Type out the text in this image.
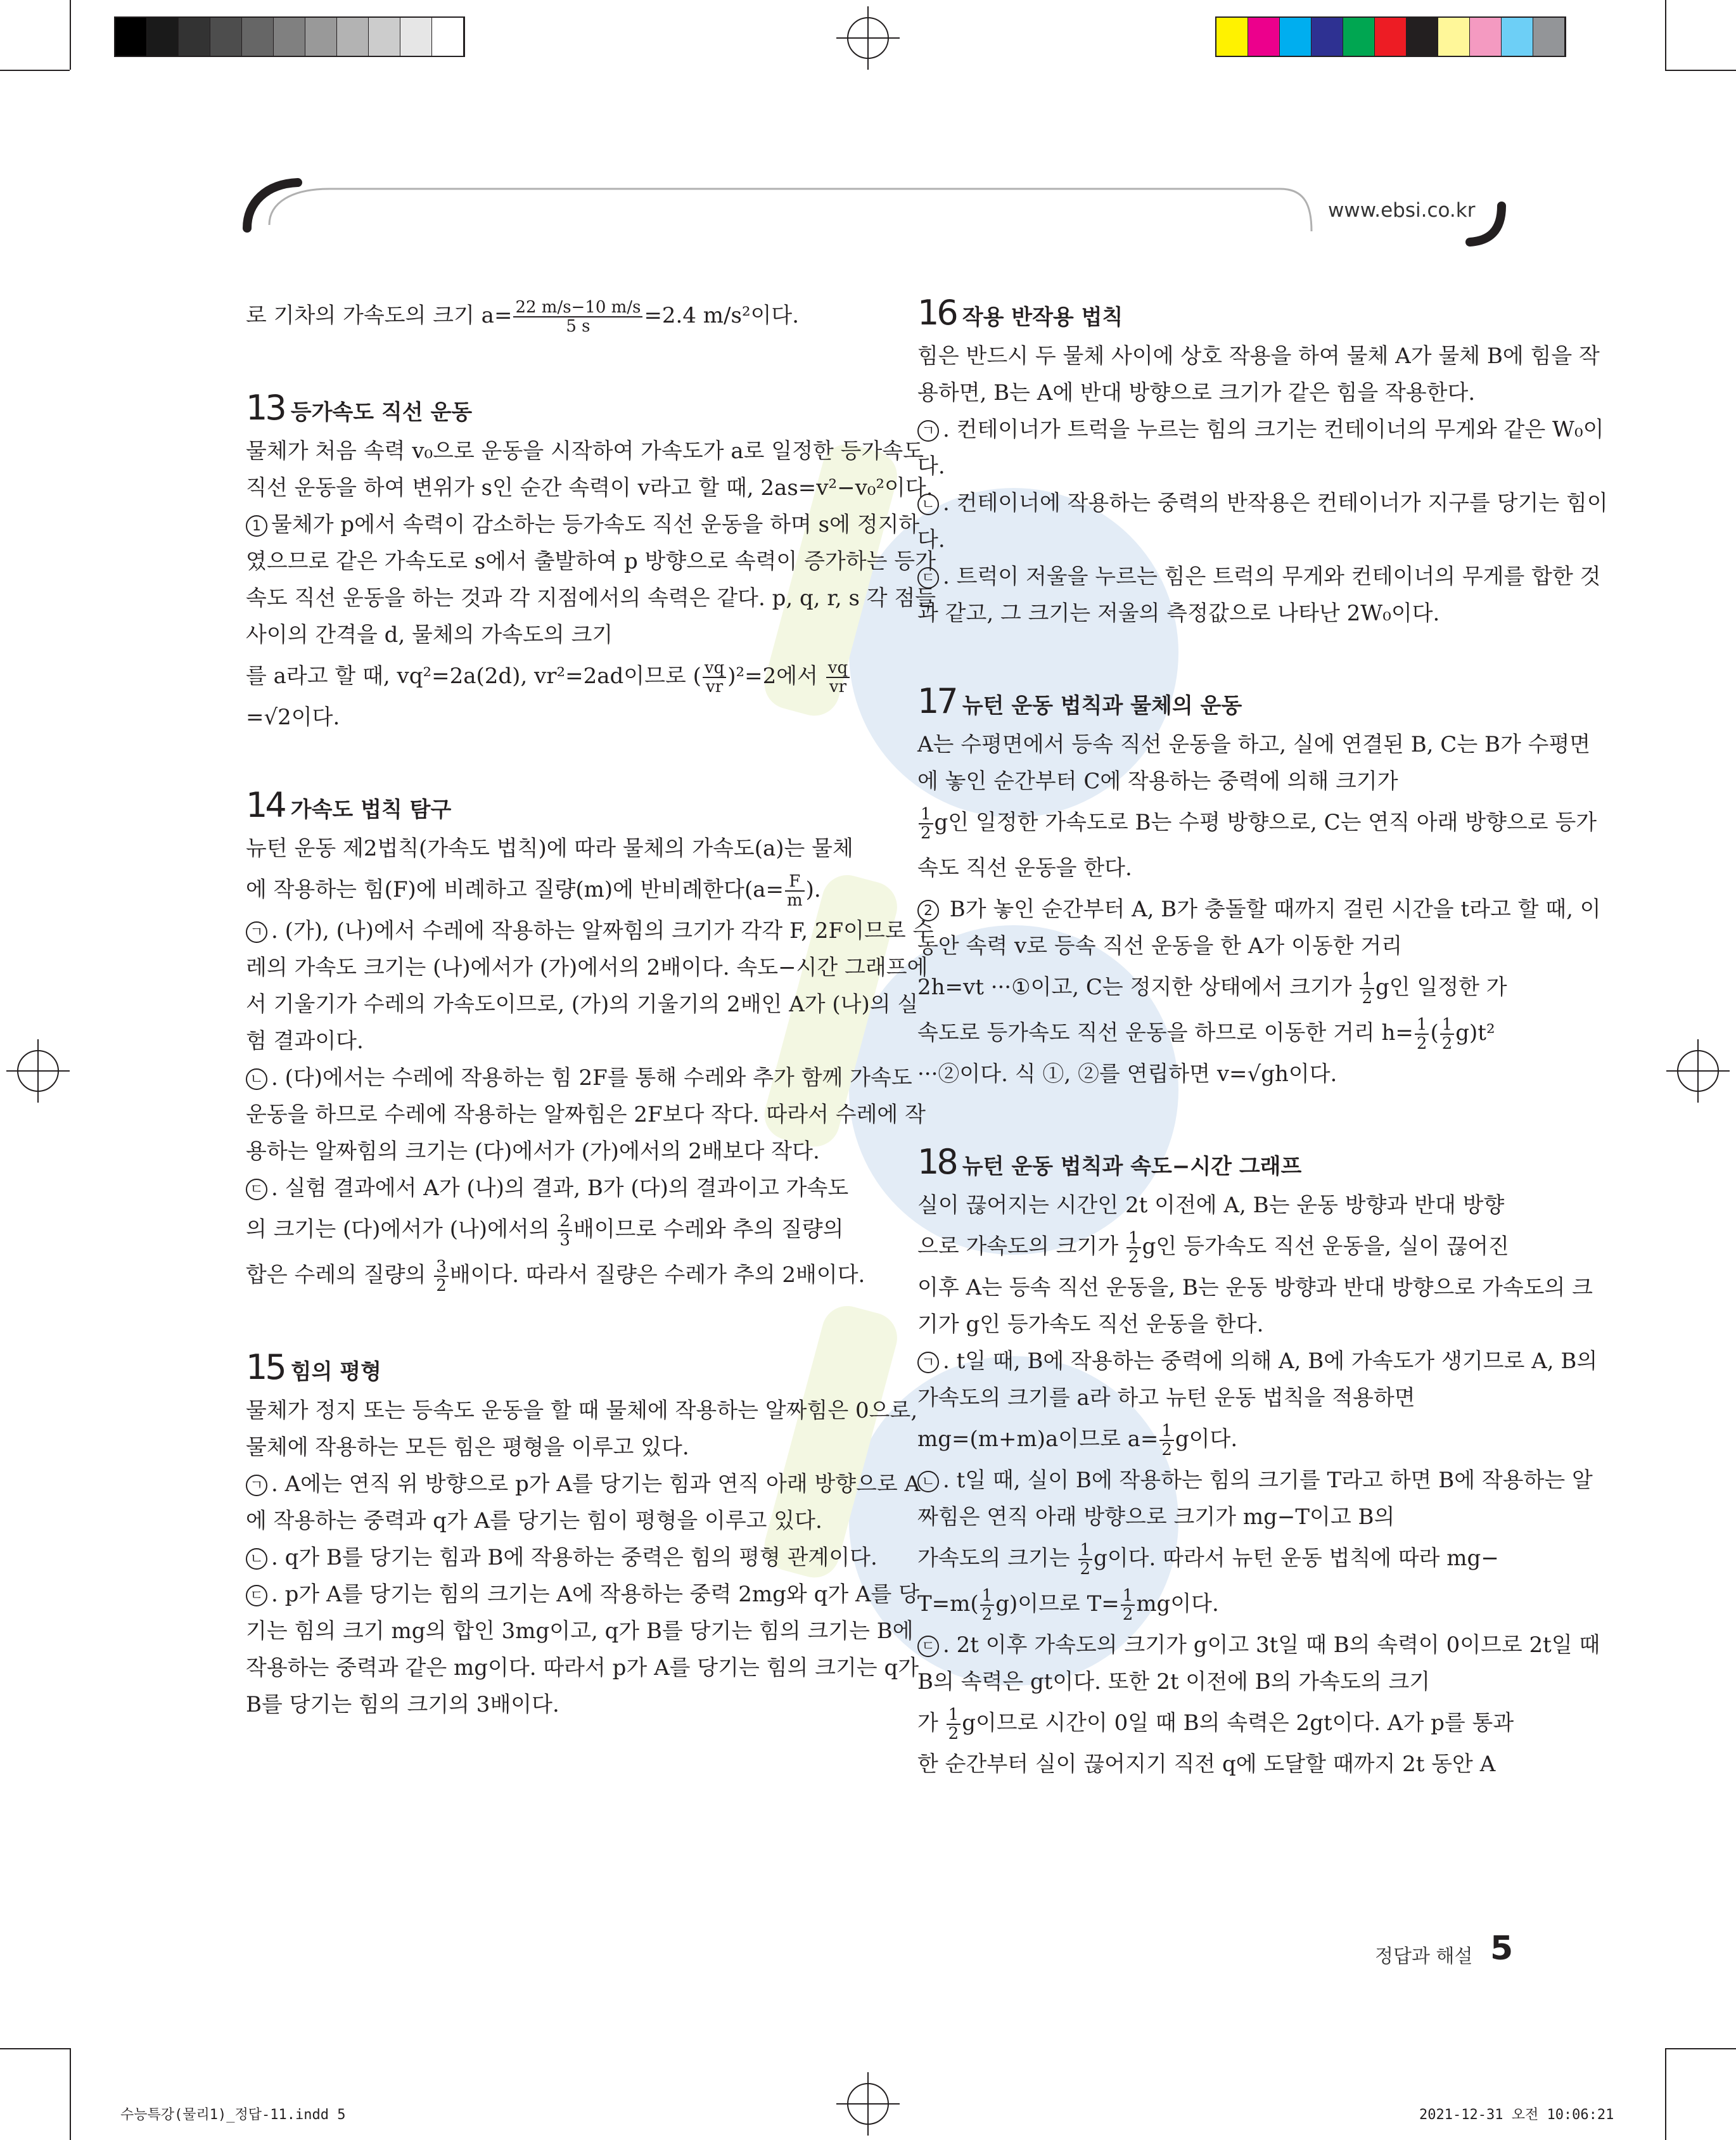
www.ebsi.co.kr

로 기차의 가속도의 크기 $a= \frac{22 m/s-10 m/s}{5 s} =2.4$ m/s²이다.

13 등가속도 직선 운동

물체가 처음 속력 v₀으로 운동을 시작하여 가속도가 a로 일정한 등가속도 직선 운동을 하여 변위가 s인 순간 속력이 v라고 할 때, 2as=v²−v₀²이다.

1 물체가 p에서 속력이 감소하는 등가속도 직선 운동을 하며 s에 정지하였으므로 같은 가속도로 s에서 출발하여 p 방향으로 속력이 증가하는 등가속도 직선 운동을 하는 것과 각 지점에서의 속력은 같다. p, q, r, s 각 점들 사이의 간격을 d, 물체의 가속도의 크기

를 a라고 할 때, vq²=2a(2d), vr²=2ad이므로 ( $\frac{vq}{vr} )^2=2$에서 $\frac{vq}{vr}$

=√2이다.

14 가속도 법칙 탐구

뉴턴 운동 제2법칙(가속도 법칙)에 따라 물체의 가속도(a)는 물체

에 작용하는 힘(F)에 비례하고 질량(m)에 반비례한다($a= \frac{F}{m}$ ).

ㄱ . (가), (나)에서 수레에 작용하는 알짜힘의 크기가 각각 F, 2F이므로 수레의 가속도 크기는 (나)에서가 (가)에서의 2배이다. 속도−시간 그래프에서 기울기가 수레의 가속도이므로, (가)의 기울기의 2배인 A가 (나)의 실험 결과이다.

ㄴ . (다)에서는 수레에 작용하는 힘 2F를 통해 수레와 추가 함께 가속도 운동을 하므로 수레에 작용하는 알짜힘은 2F보다 작다. 따라서 수레에 작용하는 알짜힘의 크기는 (다)에서가 (가)에서의 2배보다 작다.

ㄷ . 실험 결과에서 A가 (나)의 결과, B가 (다)의 결과이고 가속도

의 크기는 (다)에서가 (나)에서의 $\frac{2}{3}$ 배이므로 수레와 추의 질량의

합은 수레의 질량의 $\frac{3}{2}$ 배이다. 따라서 질량은 수레가 추의 2배이다.

15 힘의 평형

물체가 정지 또는 등속도 운동을 할 때 물체에 작용하는 알짜힘은 0으로, 물체에 작용하는 모든 힘은 평형을 이루고 있다.

ㄱ . A에는 연직 위 방향으로 p가 A를 당기는 힘과 연직 아래 방향으로 A에 작용하는 중력과 q가 A를 당기는 힘이 평형을 이루고 있다.

ㄴ . q가 B를 당기는 힘과 B에 작용하는 중력은 힘의 평형 관계이다.

ㄷ . p가 A를 당기는 힘의 크기는 A에 작용하는 중력 2mg와 q가 A를 당기는 힘의 크기 mg의 합인 3mg이고, q가 B를 당기는 힘의 크기는 B에 작용하는 중력과 같은 mg이다. 따라서 p가 A를 당기는 힘의 크기는 q가 B를 당기는 힘의 크기의 3배이다.

16 작용 반작용 법칙

힘은 반드시 두 물체 사이에 상호 작용을 하여 물체 A가 물체 B에 힘을 작용하면, B는 A에 반대 방향으로 크기가 같은 힘을 작용한다.

ㄱ . 컨테이너가 트럭을 누르는 힘의 크기는 컨테이너의 무게와 같은 W₀이다.

ㄴ . 컨테이너에 작용하는 중력의 반작용은 컨테이너가 지구를 당기는 힘이다.

ㄷ . 트럭이 저울을 누르는 힘은 트럭의 무게와 컨테이너의 무게를 합한 것과 같고, 그 크기는 저울의 측정값으로 나타난 2W₀이다.

17 뉴턴 운동 법칙과 물체의 운동

A는 수평면에서 등속 직선 운동을 하고, 실에 연결된 B, C는 B가 수평면에 놓인 순간부터 C에 작용하는 중력에 의해 크기가

$\frac{1}{2}$ g인 일정한 가속도로 B는 수평 방향으로, C는 연직 아래 방향으로 등가속도 직선 운동을 한다.

2 B가 놓인 순간부터 A, B가 충돌할 때까지 걸린 시간을 t라고 할 때, 이 동안 속력 v로 등속 직선 운동을 한 A가 이동한 거리

2h=vt ···①이고, C는 정지한 상태에서 크기가 $\frac{1}{2}$ g인 일정한 가

속도로 등가속도 직선 운동을 하므로 이동한 거리 $h= \frac{1}{2}$ ( $\frac{1}{2} g)t^2$

···②이다. 식 ①, ②를 연립하면 v=√gh이다.

18 뉴턴 운동 법칙과 속도−시간 그래프

실이 끊어지는 시간인 2t 이전에 A, B는 운동 방향과 반대 방향

으로 가속도의 크기가 $\frac{1}{2}$ g인 등가속도 직선 운동을, 실이 끊어진

이후 A는 등속 직선 운동을, B는 운동 방향과 반대 방향으로 가속도의 크기가 g인 등가속도 직선 운동을 한다.

ㄱ . t일 때, B에 작용하는 중력에 의해 A, B에 가속도가 생기므로 A, B의 가속도의 크기를 a라 하고 뉴턴 운동 법칙을 적용하면

mg=(m+m)a이므로 $a= \frac{1}{2}$ g이다.

ㄴ . t일 때, 실이 B에 작용하는 힘의 크기를 T라고 하면 B에 작용하는 알짜힘은 연직 아래 방향으로 크기가 mg−T이고 B의

가속도의 크기는 $\frac{1}{2}$ g이다. 따라서 뉴턴 운동 법칙에 따라 mg−

$T=m( \frac{1}{2} g)$이므로 $T= \frac{1}{2}$ mg이다.

ㄷ . 2t 이후 가속도의 크기가 g이고 3t일 때 B의 속력이 0이므로 2t일 때 B의 속력은 gt이다. 또한 2t 이전에 B의 가속도의 크기

가 $\frac{1}{2}$ g이므로 시간이 0일 때 B의 속력은 2gt이다. A가 p를 통과

한 순간부터 실이 끊어지기 직전 q에 도달할 때까지 2t 동안 A

정답과 해설 5
수능특강(물리1)_정답-11.indd 5	2021-12-31 오전 10:06:21
